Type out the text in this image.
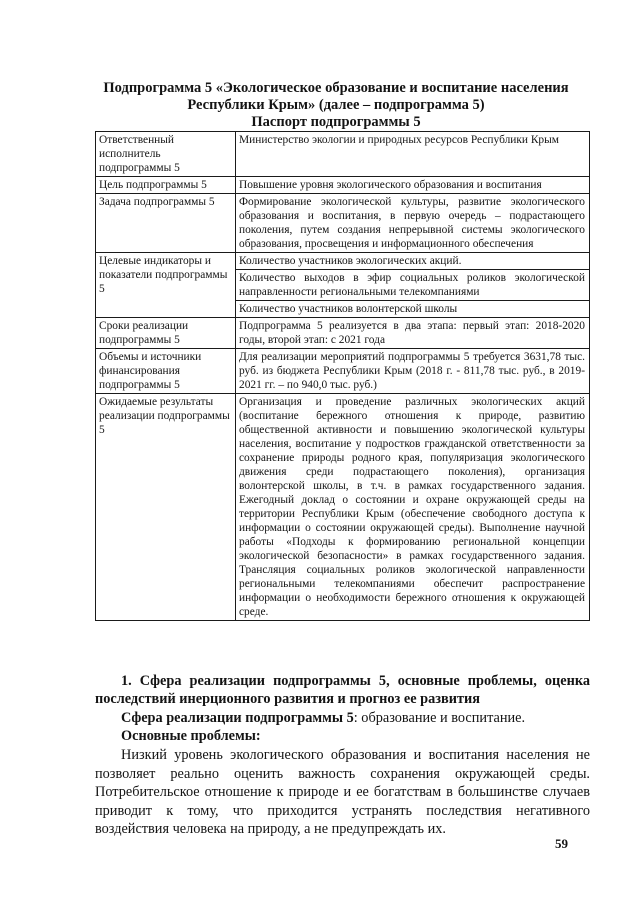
Подпрограмма 5 «Экологическое образование и воспитание населения
Республики Крым» (далее – подпрограмма 5)
Паспорт подпрограммы 5
Ответственный исполнитель подпрограммы 5	Министерство экологии и природных ресурсов Республики Крым
Цель подпрограммы 5	Повышение уровня экологического образования и воспитания
Задача подпрограммы 5	Формирование экологической культуры, развитие экологического образования и воспитания, в первую очередь – подрастающего поколения, путем создания непрерывной системы экологического образования, просвещения и информационного обеспечения
Целевые индикаторы и показатели подпрограммы 5	Количество участников экологических акций.
	Количество выходов в эфир социальных роликов экологической направленности региональными телекомпаниями
	Количество участников волонтерской школы
Сроки реализации подпрограммы 5	Подпрограмма 5 реализуется в два этапа: первый этап: 2018-2020 годы, второй этап: с 2021 года
Объемы и источники финансирования подпрограммы 5	Для реализации мероприятий подпрограммы 5 требуется 3631,78 тыс. руб. из бюджета Республики Крым (2018 г. - 811,78 тыс. руб., в 2019-2021 гг. – по 940,0 тыс. руб.)
Ожидаемые результаты реализации подпрограммы 5	Организация и проведение различных экологических акций (воспитание бережного отношения к природе, развитию общественной активности и повышению экологической культуры населения, воспитание у подростков гражданской ответственности за сохранение природы родного края, популяризация экологического движения среди подрастающего поколения), организация волонтерской школы, в т.ч. в рамках государственного задания. Ежегодный доклад о состоянии и охране окружающей среды на территории Республики Крым (обеспечение свободного доступа к информации о состоянии окружающей среды). Выполнение научной работы «Подходы к формированию региональной концепции экологической безопасности» в рамках государственного задания. Трансляция социальных роликов экологической направленности региональными телекомпаниями обеспечит распространение информации о необходимости бережного отношения к окружающей среде.
1. Сфера реализации подпрограммы 5, основные проблемы, оценка последствий инерционного развития и прогноз ее развития
Сфера реализации подпрограммы 5: образование и воспитание.
Основные проблемы:
Низкий уровень экологического образования и воспитания населения не позволяет реально оценить важность сохранения окружающей среды. Потребительское отношение к природе и ее богатствам в большинстве случаев приводит к тому, что приходится устранять последствия негативного воздействия человека на природу, а не предупреждать их.
59
